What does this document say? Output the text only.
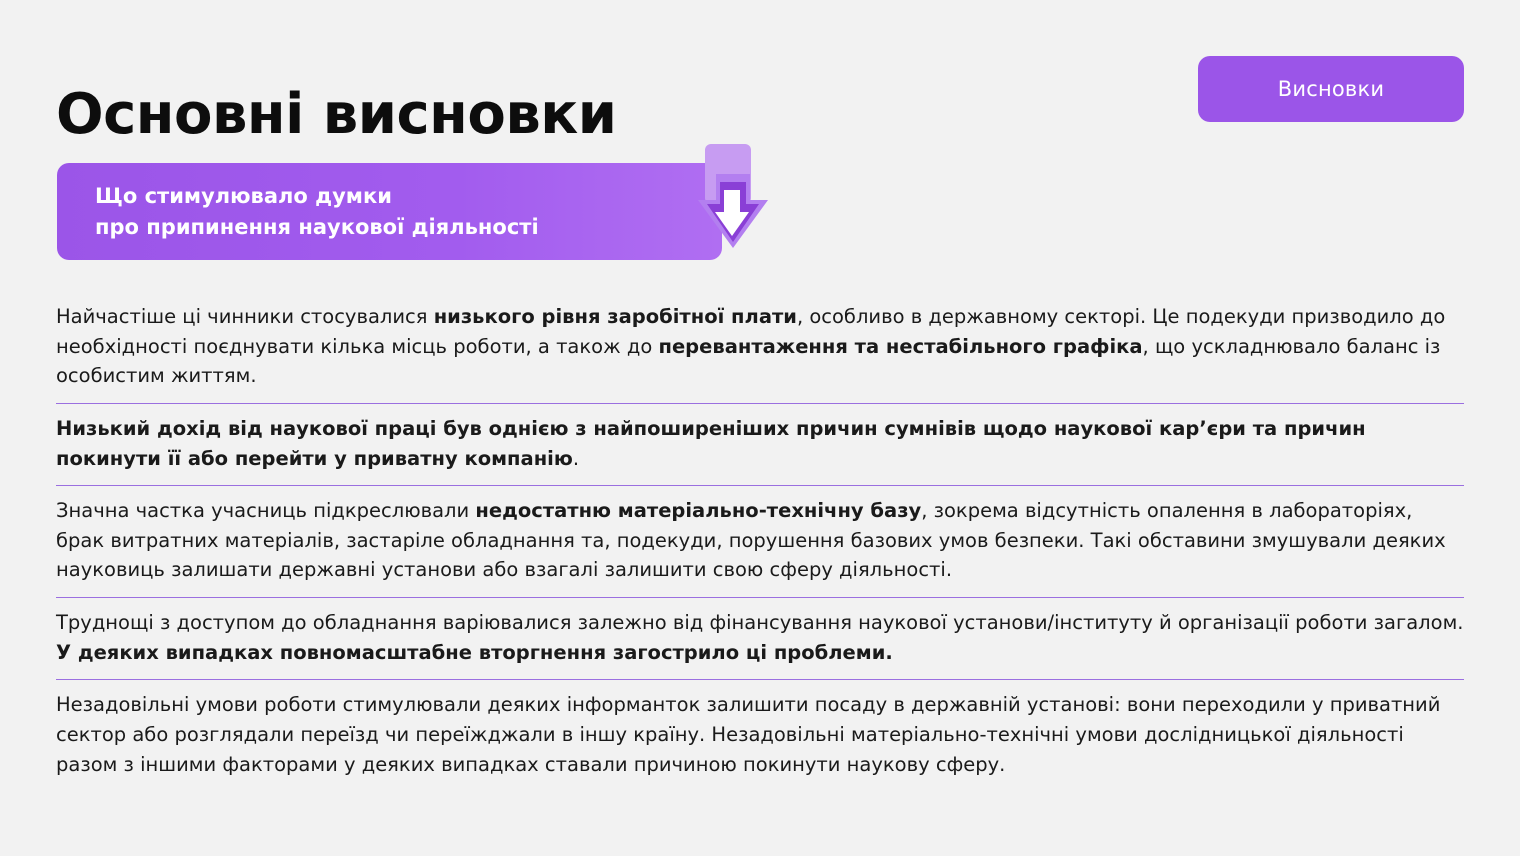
Основні висновки	Висновки
Що стимулювало думки
про припинення наукової діяльності
Найчастіше ці чинники стосувалися низького рівня заробітної плати, особливо в державному секторі. Це подекуди призводило до необхідності поєднувати кілька місць роботи, а також до перевантаження та нестабільного графіка, що ускладнювало баланс із особистим життям.
Низький дохід від наукової праці був однією з найпоширеніших причин сумнівів щодо наукової кар’єри та причин покинути її або перейти у приватну компанію.
Значна частка учасниць підкреслювали недостатню матеріально-технічну базу, зокрема відсутність опалення в лабораторіях, брак витратних матеріалів, застаріле обладнання та, подекуди, порушення базових умов безпеки. Такі обставини змушували деяких науковиць залишати державні установи або взагалі залишити свою сферу діяльності.
Труднощі з доступом до обладнання варіювалися залежно від фінансування наукової установи/інституту й організації роботи загалом. У деяких випадках повномасштабне вторгнення загострило ці проблеми.
Незадовільні умови роботи стимулювали деяких інформанток залишити посаду в державній установі: вони переходили у приватний сектор або розглядали переїзд чи переїжджали в іншу країну. Незадовільні матеріально-технічні умови дослідницької діяльності разом з іншими факторами у деяких випадках ставали причиною покинути наукову сферу.
